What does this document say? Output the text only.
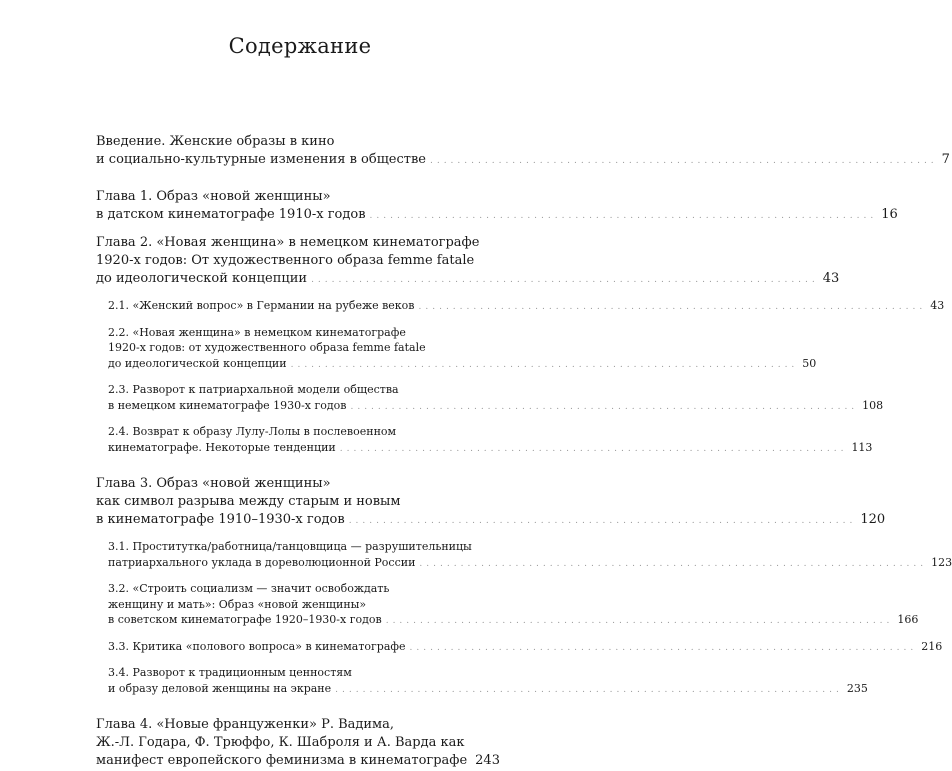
Содержание
Введение. Женские образы в кино
и социально-культурные изменения в обществе .......................................................................... 7
Глава 1. Образ «новой женщины»
в датском кинематографе 1910-х годов .......................................................................... 16
Глава 2. «Новая женщина» в немецком кинематографе
1920-х годов: От художественного образа femme fatale
до идеологической концепции .......................................................................... 43
2.1. «Женский вопрос» в Германии на рубеже веков .......................................................................... 43
2.2. «Новая женщина» в немецком кинематографе
1920-х годов: от художественного образа femme fatale
до идеологической концепции .......................................................................... 50
2.3. Разворот к патриархальной модели общества
в немецком кинематографе 1930-х годов .......................................................................... 108
2.4. Возврат к образу Лулу-Лолы в послевоенном
кинематографе. Некоторые тенденции .......................................................................... 113
Глава 3. Образ «новой женщины»
как символ разрыва между старым и новым
в кинематографе 1910–1930-х годов .......................................................................... 120
3.1. Проститутка/работница/танцовщица — разрушительницы
патриархального уклада в дореволюционной России .......................................................................... 123
3.2. «Строить социализм — значит освобождать
женщину и мать»: Образ «новой женщины»
в советском кинематографе 1920–1930-х годов .......................................................................... 166
3.3. Критика «полового вопроса» в кинематографе .......................................................................... 216
3.4. Разворот к традиционным ценностям
и образу деловой женщины на экране .......................................................................... 235
Глава 4. «Новые француженки» Р. Вадима,
Ж.-Л. Годара, Ф. Трюффо, К. Шаброля и А. Варда как
манифест европейского феминизма в кинематографе 243
